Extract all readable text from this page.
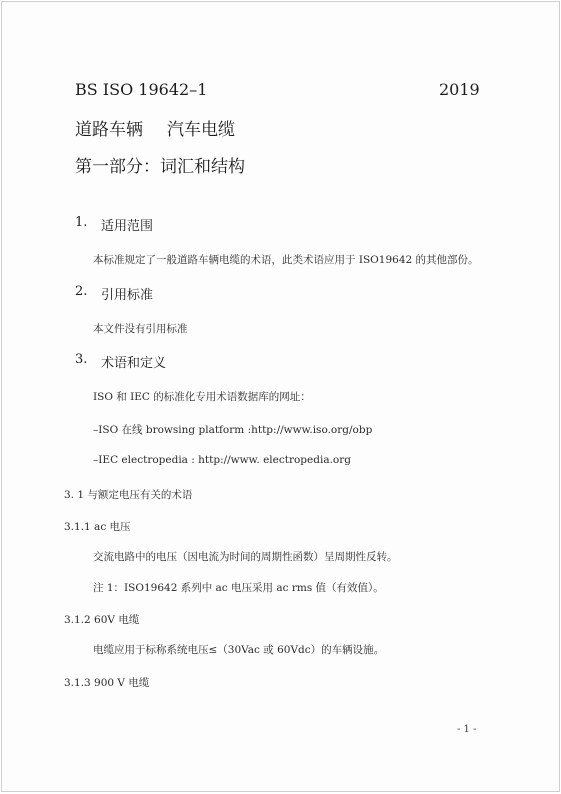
BS ISO 19642–1	2019
道路车辆 汽车电缆
第一部分：词汇和结构
1. 适用范围
本标准规定了一般道路车辆电缆的术语，此类术语应用于 ISO19642 的其他部份。
2. 引用标准
本文件没有引用标准
3. 术语和定义
ISO 和 IEC 的标准化专用术语数据库的网址：
–ISO 在线 browsing platform :http://www.iso.org/obp
–IEC electropedia : http://www. electropedia.org
3. 1 与额定电压有关的术语
3.1.1 ac 电压
交流电路中的电压（因电流为时间的周期性函数）呈周期性反转。
注 1：ISO19642 系列中 ac 电压采用 ac rms 值（有效值）。
3.1.2 60V 电缆
电缆应用于标称系统电压≤（30Vac 或 60Vdc）的车辆设施。
3.1.3 900 V 电缆
- 1 -
